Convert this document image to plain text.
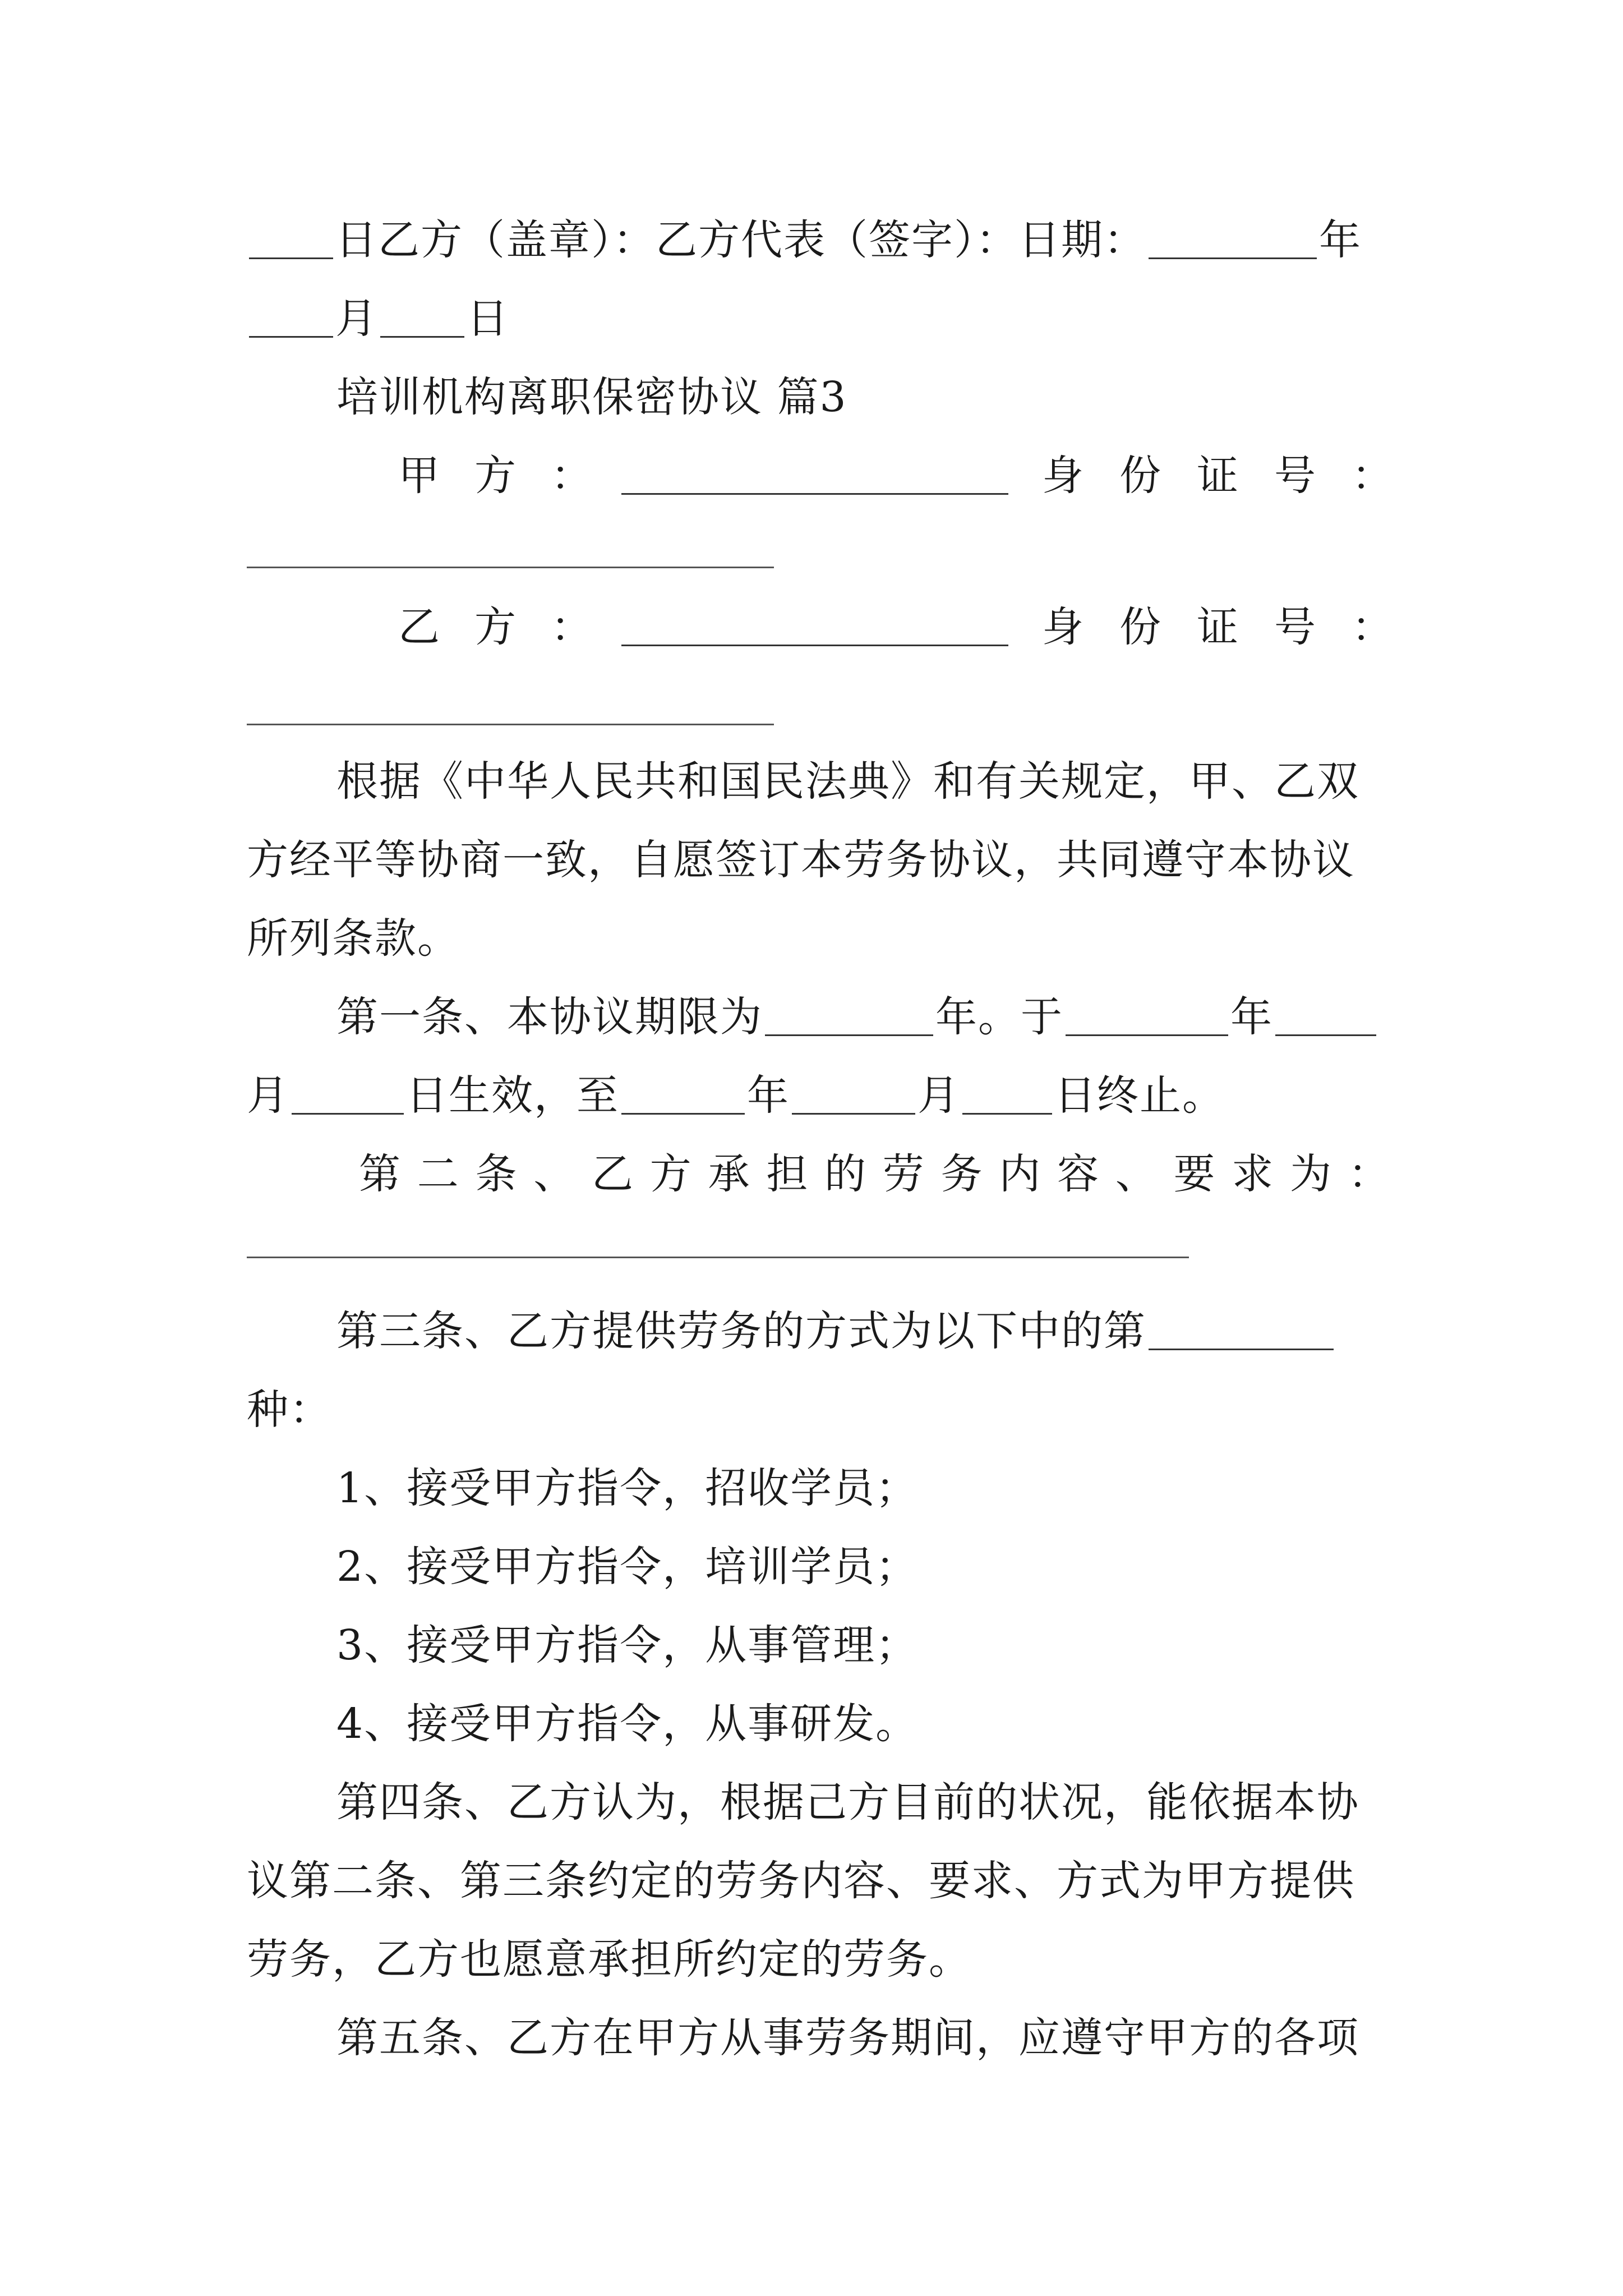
日乙方（盖章）：乙方代表（签字）：日期：	年

月 日

培训机构离职保密协议 篇3

甲 方 ：	身 份 证 号 ：
乙 方 ：	身 份 证 号 ：

根据《中华人民共和国民法典》和有关规定，甲、乙双

方经平等协商一致，自愿签订本劳务协议，共同遵守本协议

所列条款。

第一条、本协议期限为	年。于	年

月	日生效，至	年	月 日终止。

第 二 条 、 乙 方 承 担 的 劳 务 内 容 、 要 求 为 ：

第三条、乙方提供劳务的方式为以下中的第

种：

1、接受甲方指令，招收学员；

2、接受甲方指令，培训学员；

3、接受甲方指令，从事管理；

4、接受甲方指令，从事研发。

第四条、乙方认为，根据己方目前的状况，能依据本协

议第二条、第三条约定的劳务内容、要求、方式为甲方提供

劳务，乙方也愿意承担所约定的劳务。

第五条、乙方在甲方从事劳务期间，应遵守甲方的各项
